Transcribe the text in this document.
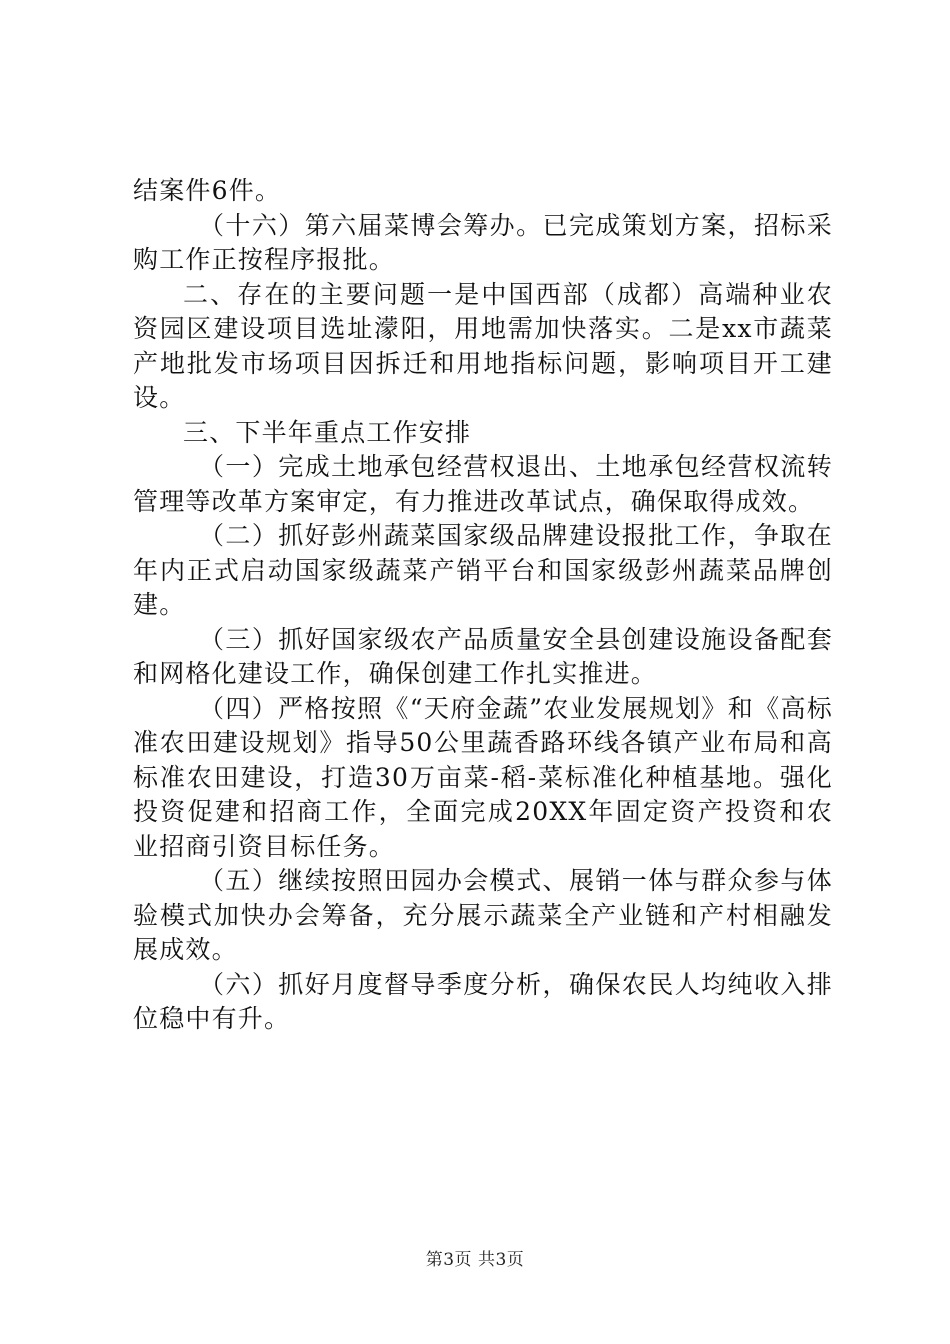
结案件6件。

（十六）第六届菜博会筹办。已完成策划方案，招标采购工作正按程序报批。

二、存在的主要问题一是中国西部（成都）高端种业农资园区建设项目选址濛阳，用地需加快落实。二是xx市蔬菜产地批发市场项目因拆迁和用地指标问题，影响项目开工建设。

三、下半年重点工作安排

（一）完成土地承包经营权退出、土地承包经营权流转管理等改革方案审定，有力推进改革试点，确保取得成效。

（二）抓好彭州蔬菜国家级品牌建设报批工作，争取在年内正式启动国家级蔬菜产销平台和国家级彭州蔬菜品牌创建。

（三）抓好国家级农产品质量安全县创建设施设备配套和网格化建设工作，确保创建工作扎实推进。

（四）严格按照《“天府金蔬”农业发展规划》和《高标准农田建设规划》指导50公里蔬香路环线各镇产业布局和高标准农田建设，打造30万亩菜-稻-菜标准化种植基地。强化投资促建和招商工作，全面完成20XX年固定资产投资和农业招商引资目标任务。

（五）继续按照田园办会模式、展销一体与群众参与体验模式加快办会筹备，充分展示蔬菜全产业链和产村相融发展成效。

（六）抓好月度督导季度分析，确保农民人均纯收入排位稳中有升。

第3页 共3页
